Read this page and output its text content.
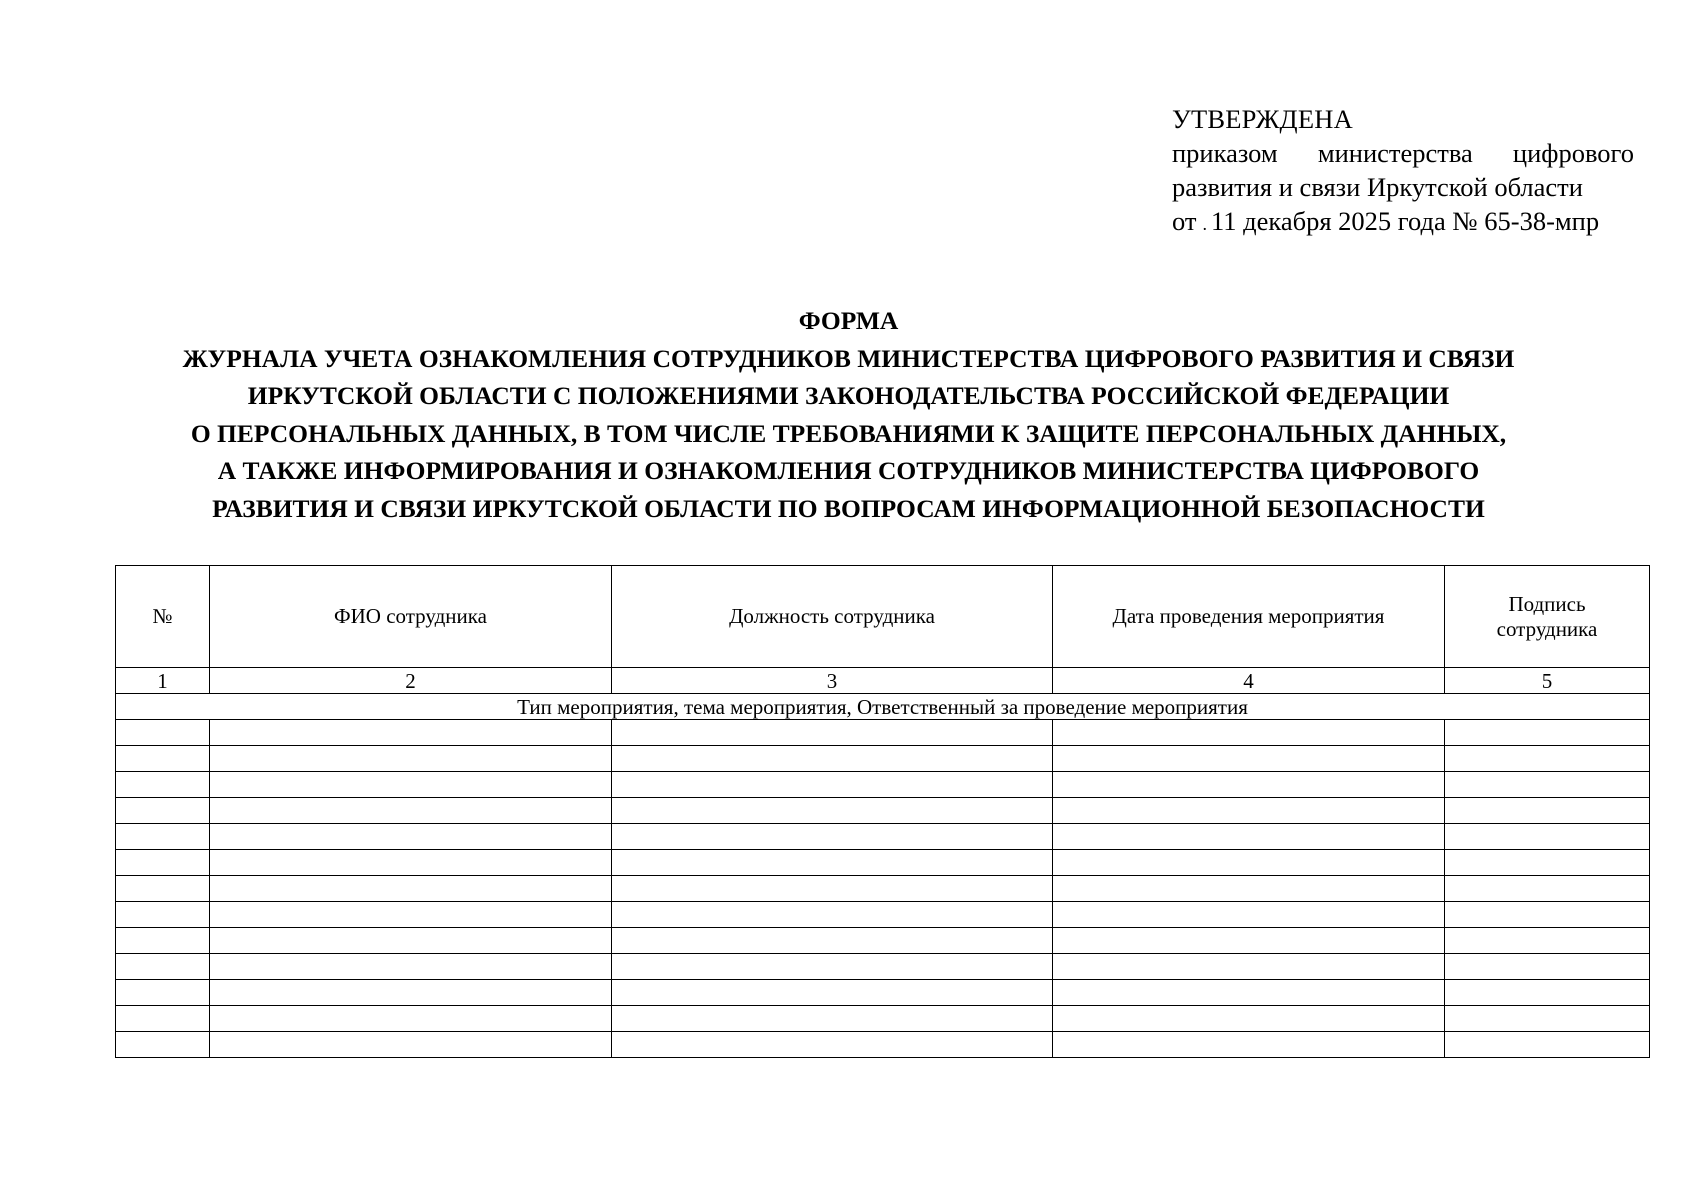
УТВЕРЖДЕНА
приказом министерства цифрового
развития и связи Иркутской области
от . 11 декабря 2025 года № 65-38-мпр
ФОРМА
ЖУРНАЛА УЧЕТА ОЗНАКОМЛЕНИЯ СОТРУДНИКОВ МИНИСТЕРСТВА ЦИФРОВОГО РАЗВИТИЯ И СВЯЗИ
ИРКУТСКОЙ ОБЛАСТИ С ПОЛОЖЕНИЯМИ ЗАКОНОДАТЕЛЬСТВА РОССИЙСКОЙ ФЕДЕРАЦИИ
О ПЕРСОНАЛЬНЫХ ДАННЫХ, В ТОМ ЧИСЛЕ ТРЕБОВАНИЯМИ К ЗАЩИТЕ ПЕРСОНАЛЬНЫХ ДАННЫХ,
А ТАКЖЕ ИНФОРМИРОВАНИЯ И ОЗНАКОМЛЕНИЯ СОТРУДНИКОВ МИНИСТЕРСТВА ЦИФРОВОГО
РАЗВИТИЯ И СВЯЗИ ИРКУТСКОЙ ОБЛАСТИ ПО ВОПРОСАМ ИНФОРМАЦИОННОЙ БЕЗОПАСНОСТИ
№	ФИО сотрудника	Должность сотрудника	Дата проведения мероприятия	Подпись
сотрудника
1	2	3	4	5
Тип мероприятия, тема мероприятия, Ответственный за проведение мероприятия				
